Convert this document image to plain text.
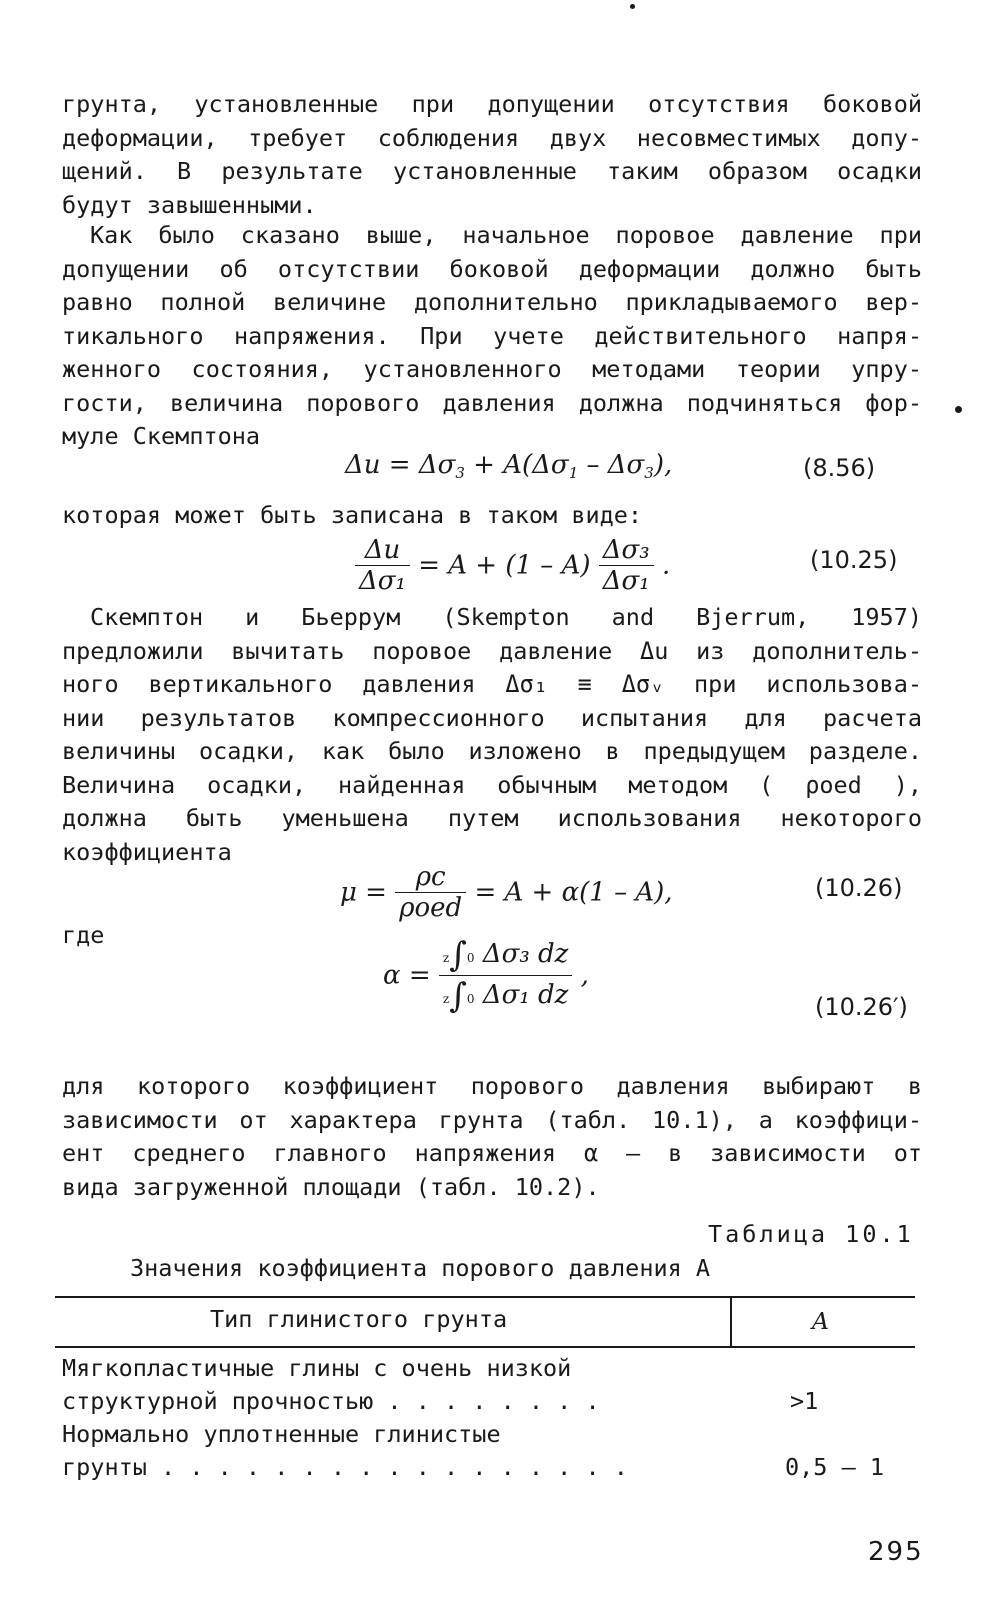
грунта, установленные при допущении отсутствия боковой
деформации, требует соблюдения двух несовместимых допу-
щений. В результате установленные таким образом осадки
будут завышенными.
Как было сказано выше, начальное поровое давление при
допущении об отсутствии боковой деформации должно быть
равно полной величине дополнительно прикладываемого вер-
тикального напряжения. При учете действительного напря-
женного состояния, установленного методами теории упру-
гости, величина порового давления должна подчиняться фор-
муле Скемптона
$\Delta u = \Delta\sigma_3 + A(\Delta\sigma_1 - \Delta\sigma_3)$,	(8.56)
которая может быть записана в таком виде:
$\frac{\Delta u}{\text{Δσ₁}} = A + (1 - A) \frac{\text{Δσ₃}}{\text{Δσ₁}}$ .	(10.25)
Скемптон и Бьеррум (Skempton and Bjerrum, 1957)
предложили вычитать поровое давление Δu из дополнитель-
ного вертикального давления Δσ₁ ≡ Δσᵥ при использова-
нии результатов компрессионного испытания для расчета
величины осадки, как было изложено в предыдущем разделе.
Величина осадки, найденная обычным методом ( ρoed ),
должна быть уменьшена путем использования некоторого
коэффициента
$\mu = \frac{\rho c}{\text{ρoed}} = A + \alpha(1 - A)$,	(10.26)
где
$\alpha = \frac{\text{z∫0 Δσ₃ dz}}{\text{z∫0 Δσ₁ dz}}$ ,
(10.26′)
для которого коэффициент порового давления выбирают в
зависимости от характера грунта (табл. 10.1), а коэффици-
ент среднего главного напряжения α – в зависимости от
вида загруженной площади (табл. 10.2).
Таблица 10.1
Значения коэффициента порового давления A
Тип глинистого грунта	A
Мягкопластичные глины с очень низкой
структурной прочностью . . . . . . . .	>1
Нормально уплотненные глинистые
грунты . . . . . . . . . . . . . . . . .	0,5 – 1
295
